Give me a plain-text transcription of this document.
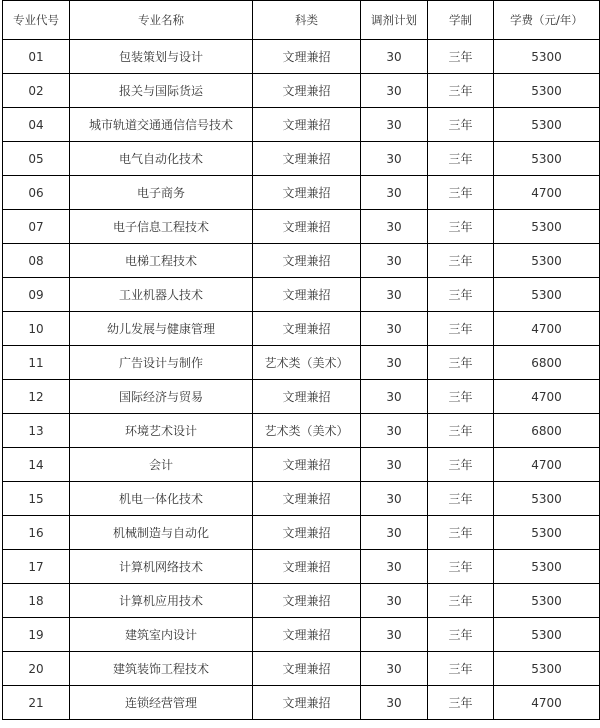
专业代号	专业名称	科类	调剂计划	学制	学费（元/年）
01	包装策划与设计	文理兼招	30	三年	5300
02	报关与国际货运	文理兼招	30	三年	5300
04	城市轨道交通通信信号技术	文理兼招	30	三年	5300
05	电气自动化技术	文理兼招	30	三年	5300
06	电子商务	文理兼招	30	三年	4700
07	电子信息工程技术	文理兼招	30	三年	5300
08	电梯工程技术	文理兼招	30	三年	5300
09	工业机器人技术	文理兼招	30	三年	5300
10	幼儿发展与健康管理	文理兼招	30	三年	4700
11	广告设计与制作	艺术类（美术）	30	三年	6800
12	国际经济与贸易	文理兼招	30	三年	4700
13	环境艺术设计	艺术类（美术）	30	三年	6800
14	会计	文理兼招	30	三年	4700
15	机电一体化技术	文理兼招	30	三年	5300
16	机械制造与自动化	文理兼招	30	三年	5300
17	计算机网络技术	文理兼招	30	三年	5300
18	计算机应用技术	文理兼招	30	三年	5300
19	建筑室内设计	文理兼招	30	三年	5300
20	建筑装饰工程技术	文理兼招	30	三年	5300
21	连锁经营管理	文理兼招	30	三年	4700
